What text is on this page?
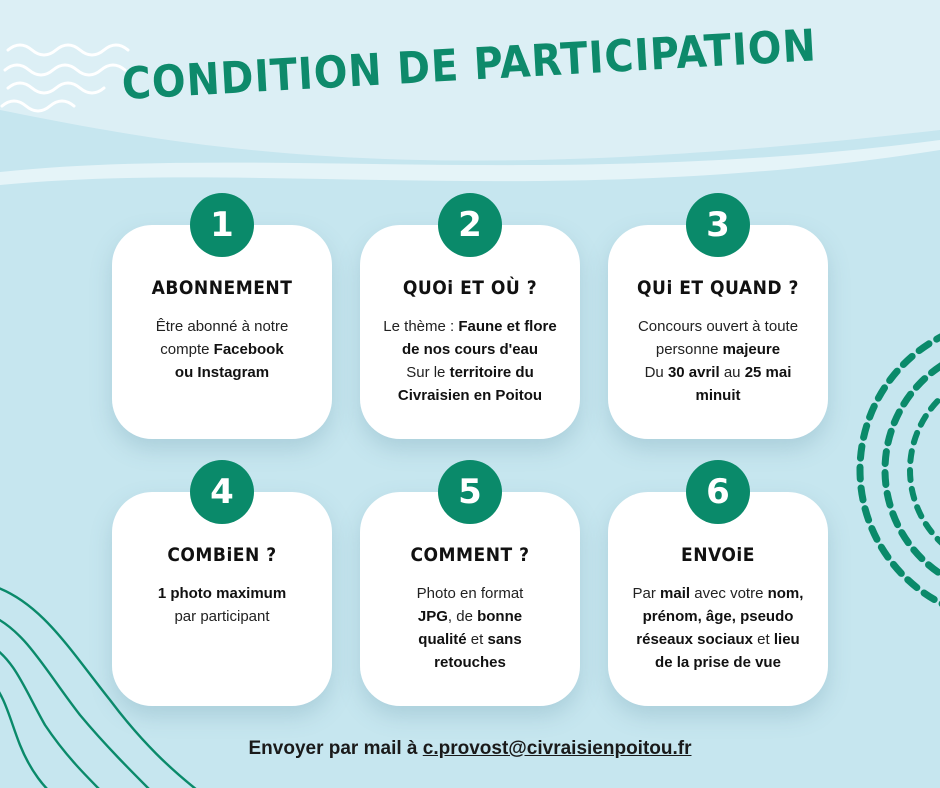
CONDITION DE PARTICIPATION
ABONNEMENT
Être abonné à notre
compte Facebook
ou Instagram
1
QUOi ET OÙ ?
Le thème : Faune et flore
de nos cours d'eau
Sur le territoire du
Civraisien en Poitou
2
QUi ET QUAND ?
Concours ouvert à toute
personne majeure
Du 30 avril au 25 mai
minuit
3
COMBiEN ?
1 photo maximum
par participant
4
COMMENT ?
Photo en format
JPG, de bonne
qualité et sans
retouches
5
ENVOiE
Par mail avec votre nom,
prénom, âge, pseudo
réseaux sociaux et lieu
de la prise de vue
6
Envoyer par mail à c.provost@civraisienpoitou.fr
